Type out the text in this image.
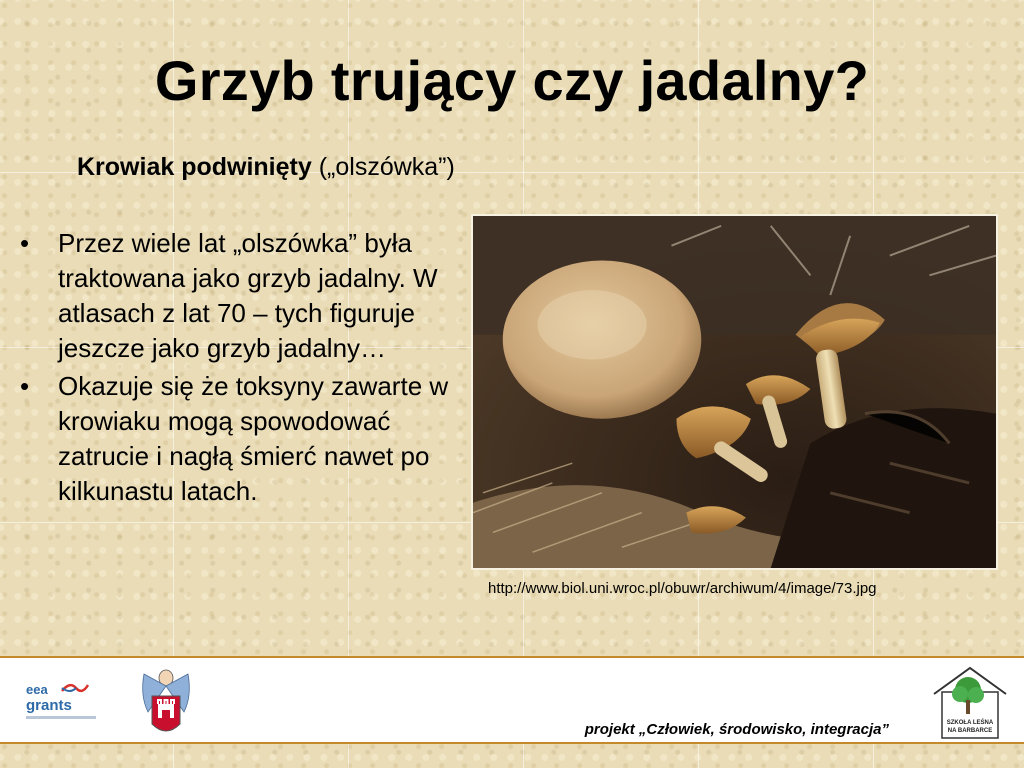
Grzyb trujący czy jadalny?
Krowiak podwinięty („olszówka”)
• Przez wiele lat „olszówka” była traktowana jako grzyb jadalny. W atlasach z lat 70 – tych figuruje jeszcze jako grzyb jadalny…
• Okazuje się że toksyny zawarte w krowiaku mogą spowodować zatrucie i nagłą śmierć nawet po kilkunastu latach.
http://www.biol.uni.wroc.pl/obuwr/archiwum/4/image/73.jpg
eea
grants
projekt „Człowiek, środowisko, integracja”	SZKOŁA LEŚNA
NA BARBARCE
